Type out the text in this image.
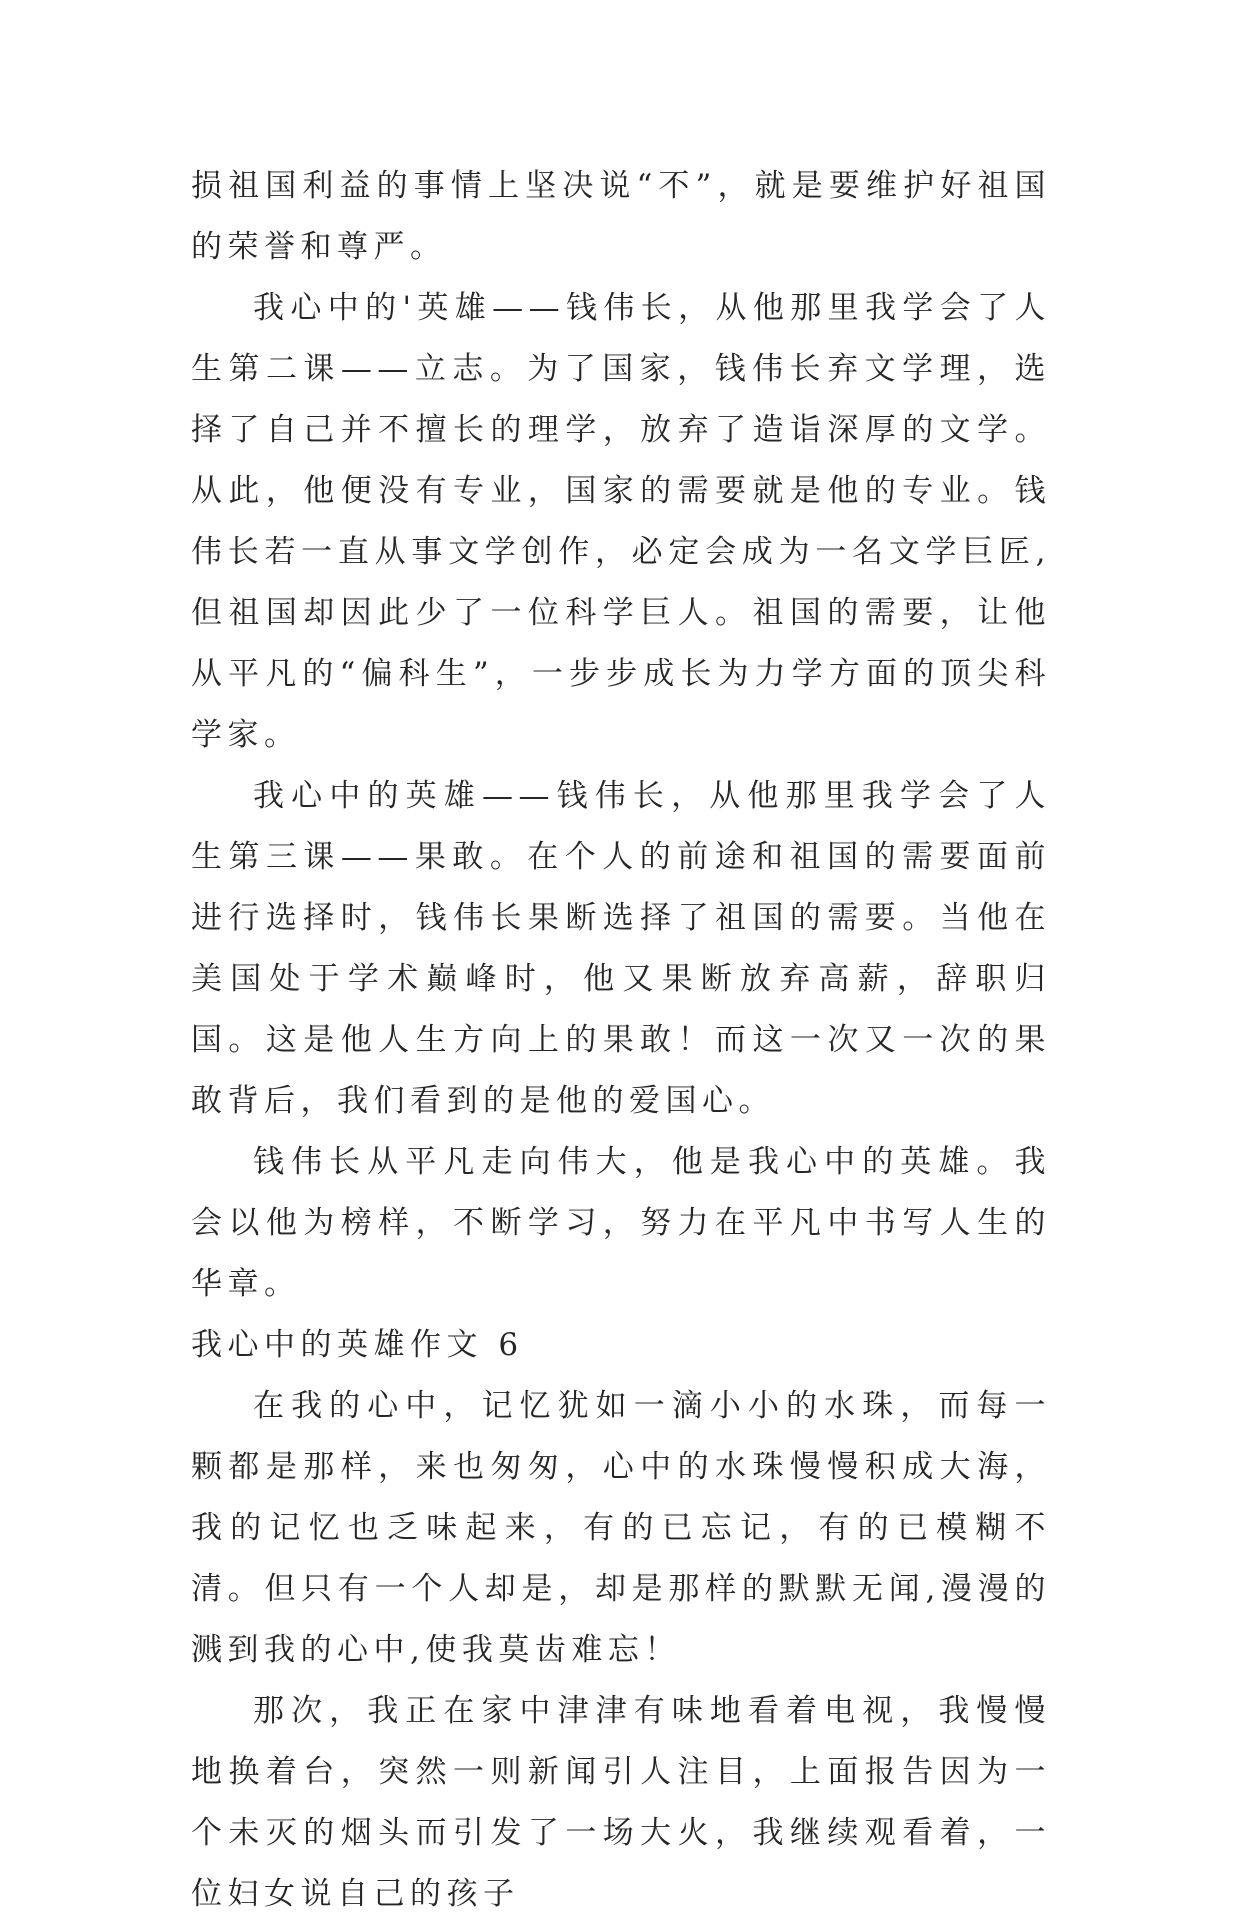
损祖国利益的事情上坚决说“不”，就是要维护好祖国的荣誉和尊严。

我心中的'英雄——钱伟长，从他那里我学会了人生第二课——立志。为了国家，钱伟长弃文学理，选择了自己并不擅长的理学，放弃了造诣深厚的文学。从此，他便没有专业，国家的需要就是他的专业。钱伟长若一直从事文学创作，必定会成为一名文学巨匠,但祖国却因此少了一位科学巨人。祖国的需要，让他从平凡的“偏科生”，一步步成长为力学方面的顶尖科学家。

我心中的英雄——钱伟长，从他那里我学会了人生第三课——果敢。在个人的前途和祖国的需要面前进行选择时，钱伟长果断选择了祖国的需要。当他在美国处于学术巅峰时，他又果断放弃高薪，辞职归国。这是他人生方向上的果敢！而这一次又一次的果敢背后，我们看到的是他的爱国心。

钱伟长从平凡走向伟大，他是我心中的英雄。我会以他为榜样，不断学习，努力在平凡中书写人生的华章。

我心中的英雄作文 6

在我的心中，记忆犹如一滴小小的水珠，而每一颗都是那样，来也匆匆，心中的水珠慢慢积成大海，我的记忆也乏味起来，有的已忘记，有的已模糊不清。但只有一个人却是，却是那样的默默无闻,漫漫的溅到我的心中,使我莫齿难忘！

那次，我正在家中津津有味地看着电视，我慢慢地换着台，突然一则新闻引人注目，上面报告因为一个未灭的烟头而引发了一场大火，我继续观看着，一位妇女说自己的孩子
